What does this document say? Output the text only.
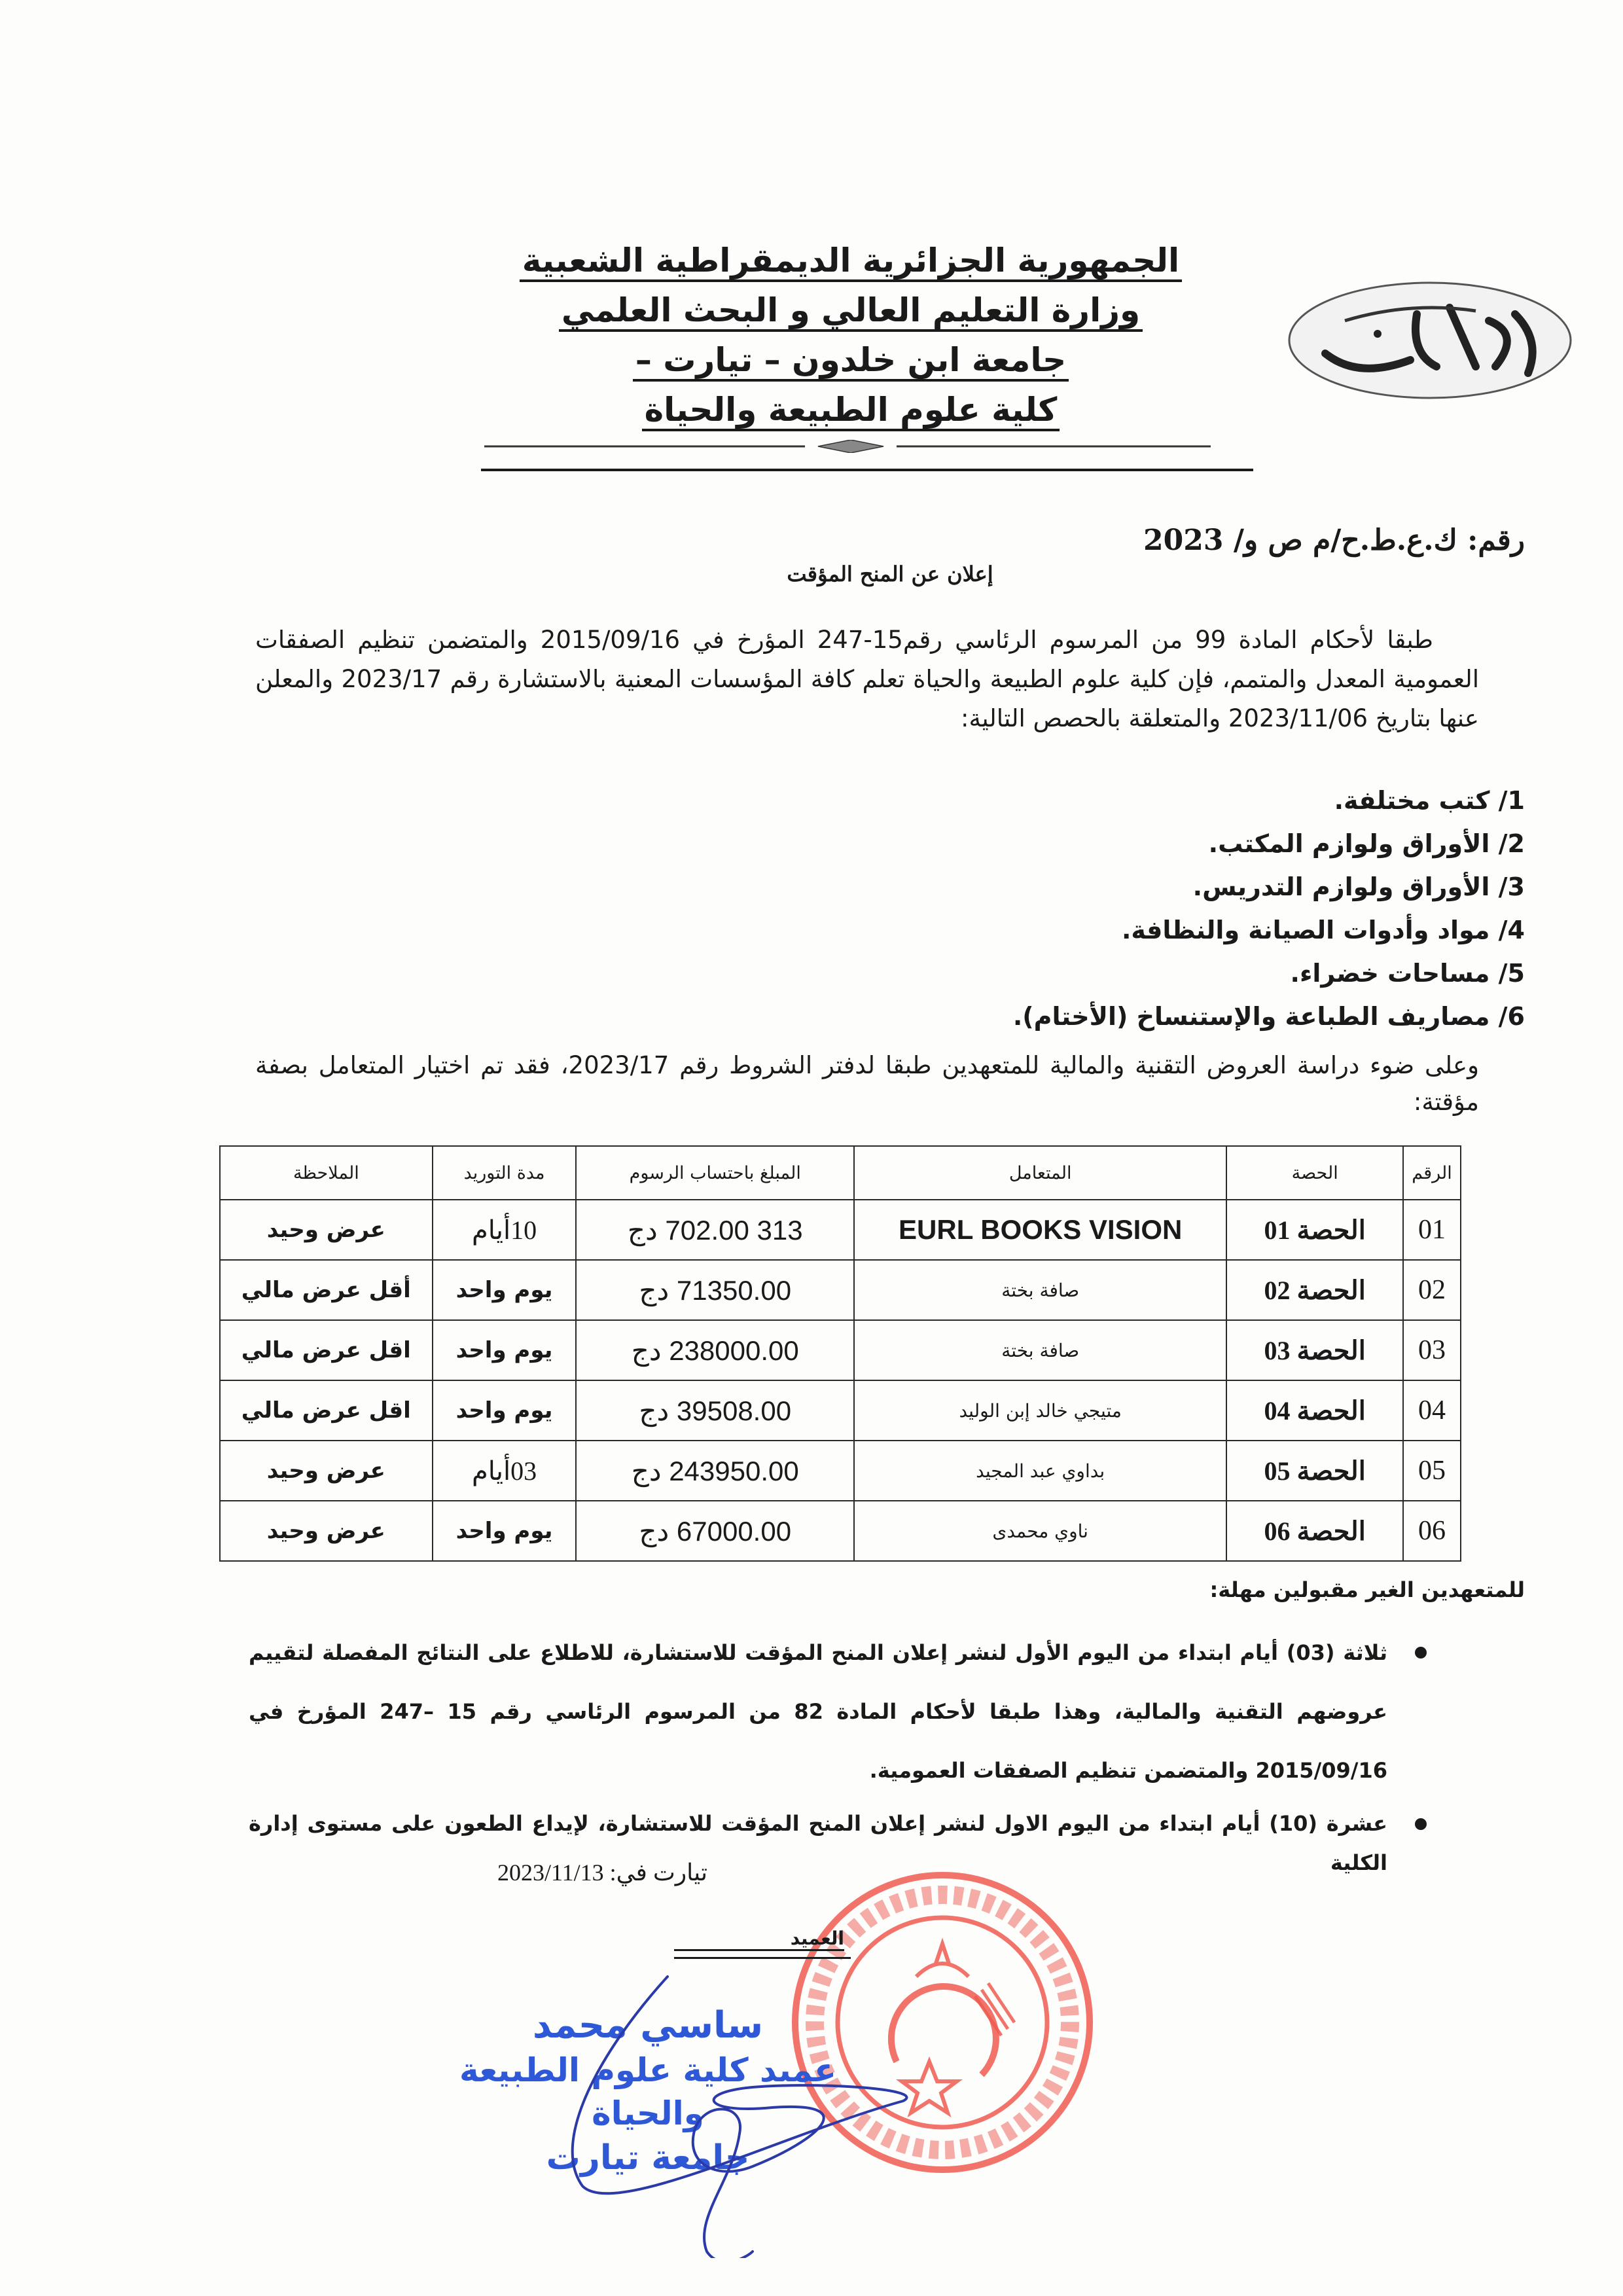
الجمهورية الجزائرية الديمقراطية الشعبية
وزارة التعليم العالي و البحث العلمي
جامعة ابن خلدون – تيارت –
كلية علوم الطبيعة والحياة
رقم: ك.ع.ط.ح/م ص و/ 2023
إعلان عن المنح المؤقت
طبقا لأحكام المادة 99 من المرسوم الرئاسي رقم15-247 المؤرخ في 2015/09/16 والمتضمن تنظيم الصفقات العمومية المعدل والمتمم، فإن كلية علوم الطبيعة والحياة تعلم كافة المؤسسات المعنية بالاستشارة رقم 2023/17 والمعلن عنها بتاريخ 2023/11/06 والمتعلقة بالحصص التالية:
1/ كتب مختلفة.
2/ الأوراق ولوازم المكتب.
3/ الأوراق ولوازم التدريس.
4/ مواد وأدوات الصيانة والنظافة.
5/ مساحات خضراء.
6/ مصاريف الطباعة والإستنساخ (الأختام).
وعلى ضوء دراسة العروض التقنية والمالية للمتعهدين طبقا لدفتر الشروط رقم 2023/17، فقد تم اختيار المتعامل بصفة مؤقتة:
الرقم	الحصة	المتعامل	المبلغ باحتساب الرسوم	مدة التوريد	الملاحظة
01	الحصة 01	EURL BOOKS VISION	313 702.00 دج	10أيام	عرض وحيد
02	الحصة 02	صافة بختة	71350.00 دج	يوم واحد	أقل عرض مالي
03	الحصة 03	صافة بختة	238000.00 دج	يوم واحد	اقل عرض مالي
04	الحصة 04	متيجي خالد إبن الوليد	39508.00 دج	يوم واحد	اقل عرض مالي
05	الحصة 05	بداوي عبد المجيد	243950.00 دج	03أيام	عرض وحيد
06	الحصة 06	ناوي محمدى	67000.00 دج	يوم واحد	عرض وحيد
للمتعهدين الغير مقبولين مهلة:
ثلاثة (03) أيام ابتداء من اليوم الأول لنشر إعلان المنح المؤقت للاستشارة، للاطلاع على النتائج المفصلة لتقييم عروضهم التقنية والمالية، وهذا طبقا لأحكام المادة 82 من المرسوم الرئاسي رقم 15 –247 المؤرخ في 2015/09/16 والمتضمن تنظيم الصفقات العمومية.
عشرة (10) أيام ابتداء من اليوم الاول لنشر إعلان المنح المؤقت للاستشارة، لإيداع الطعون على مستوى إدارة الكلية
تيارت في: 2023/11/13
العميد
ساسي محمد
عميد كلية علوم الطبيعة والحياة
جامعة تيارت
